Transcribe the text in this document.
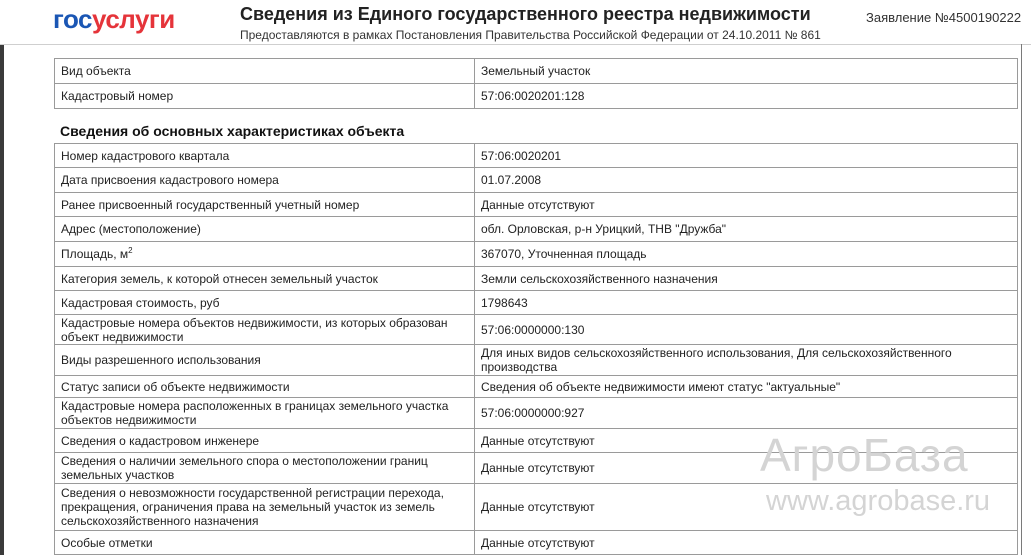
госуслуги	Сведения из Единого государственного реестра недвижимости
Предоставляются в рамках Постановления Правительства Российской Федерации от 24.10.2011 № 861
Заявление №4500190222
Вид объекта	Земельный участок
Кадастровый номер	57:06:0020201:128
Сведения об основных характеристиках объекта
Номер кадастрового квартала	57:06:0020201
Дата присвоения кадастрового номера	01.07.2008
Ранее присвоенный государственный учетный номер	Данные отсутствуют
Адрес (местоположение)	обл. Орловская, р-н Урицкий, ТНВ "Дружба"
Площадь, $м^2$	367070, Уточненная площадь
Категория земель, к которой отнесен земельный участок	Земли сельскохозяйственного назначения
Кадастровая стоимость, руб	1798643
Кадастровые номера объектов недвижимости, из которых образован объект недвижимости	57:06:0000000:130
Виды разрешенного использования	Для иных видов сельскохозяйственного использования, Для сельскохозяйственного производства
Статус записи об объекте недвижимости	Сведения об объекте недвижимости имеют статус "актуальные"
Кадастровые номера расположенных в границах земельного участка объектов недвижимости	57:06:0000000:927
Сведения о кадастровом инженере	Данные отсутствуют
Сведения о наличии земельного спора о местоположении границ земельных участков	Данные отсутствуют
Сведения о невозможности государственной регистрации перехода, прекращения, ограничения права на земельный участок из земель сельскохозяйственного назначения	Данные отсутствуют
Особые отметки	Данные отсутствуют
АгроБаза
www.agrobase.ru
